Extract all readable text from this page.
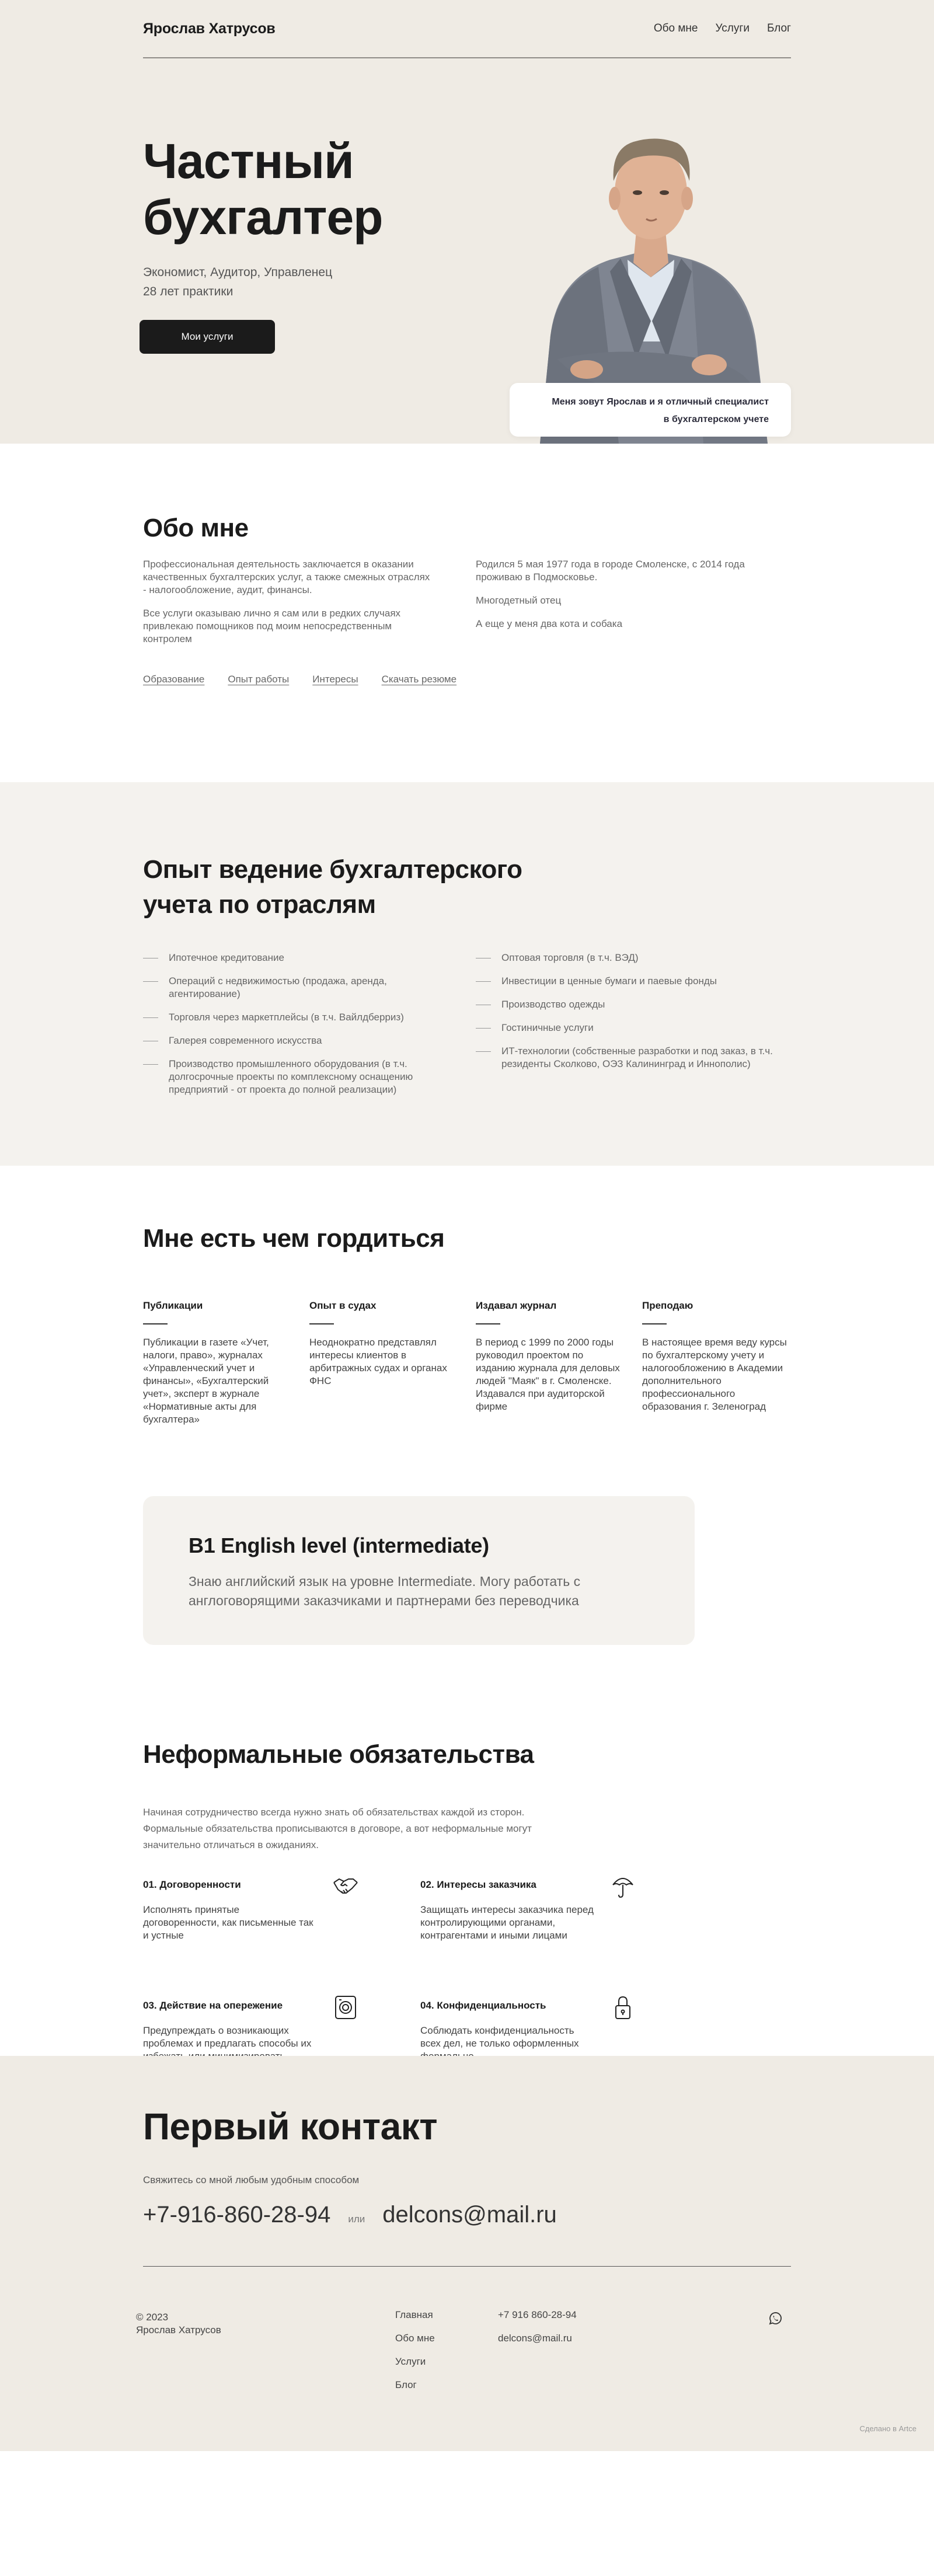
Ярослав Хатрусов	Обо мне Услуги Блог
Частный
бухгалтер
Экономист, Аудитор, Управленец
28 лет практики
Мои услуги
Меня зовут Ярослав и я отличный специалист
в бухгалтерском учете
Обо мне

Профессиональная деятельность заключается в оказании качественных бухгалтерских услуг, а также смежных отраслях - налогообложение, аудит, финансы.

Все услуги оказываю лично я сам или в редких случаях привлекаю помощников под моим непосредственным контролем

Родился 5 мая 1977 года в городе Смоленске, с 2014 года проживаю в Подмосковье.

Многодетный отец

А еще у меня два кота и собака

Образование Опыт работы Интересы Скачать резюме
Опыт ведение бухгалтерского
учета по отраслям
Ипотечное кредитование
Операций с недвижимостью (продажа, аренда, агентирование)
Торговля через маркетплейсы (в т.ч. Вайлдберриз)
Галерея современного искусства
Производство промышленного оборудования (в т.ч. долгосрочные проекты по комплексному оснащению предприятий - от проекта до полной реализации)
Оптовая торговля (в т.ч. ВЭД)
Инвестиции в ценные бумаги и паевые фонды
Производство одежды
Гостиничные услуги
ИТ-технологии (собственные разработки и под заказ, в т.ч. резиденты Сколково, ОЭЗ Калининград и Иннополис)
Мне есть чем гордиться
Публикации

Публикации в газете «Учет, налоги, право», журналах «Управленческий учет и финансы», «Бухгалтерский учет», эксперт в журнале «Нормативные акты для бухгалтера»

Опыт в судах

Неоднократно представлял интересы клиентов в арбитражных судах и органах ФНС

Издавал журнал

В период с 1999 по 2000 годы руководил проектом по изданию журнала для деловых людей "Маяк" в г. Смоленске. Издавался при аудиторской фирме

Преподаю

В настоящее время веду курсы по бухгалтерскому учету и налогообложению в Академии дополнительного профессионального образования г. Зеленоград

B1 English level (intermediate)

Знаю английский язык на уровне Intermediate. Могу работать с англоговорящими заказчиками и партнерами без переводчика

Неформальные обязательства

Начиная сотрудничество всегда нужно знать об обязательствах каждой из сторон. Формальные обязательства прописываются в договоре, а вот неформальные могут значительно отличаться в ожиданиях.

01. Договоренности

Исполнять принятые договоренности, как письменные так и устные

02. Интересы заказчика

Защищать интересы заказчика перед контролирующими органами, контрагентами и иными лицами

03. Действие на опережение

Предупреждать о возникающих проблемах и предлагать способы их

04. Конфиденциальность

Соблюдать конфиденциальность всех дел, не только оформленных

Первый контакт
Свяжитесь со мной любым удобным способом
+7-916-860-28-94 или delcons@mail.ru
© 2023
Ярослав Хатрусов
Главная
Обо мне
Услуги
Блог
+7 916 860-28-94
delcons@mail.ru
Сделано в Artce
